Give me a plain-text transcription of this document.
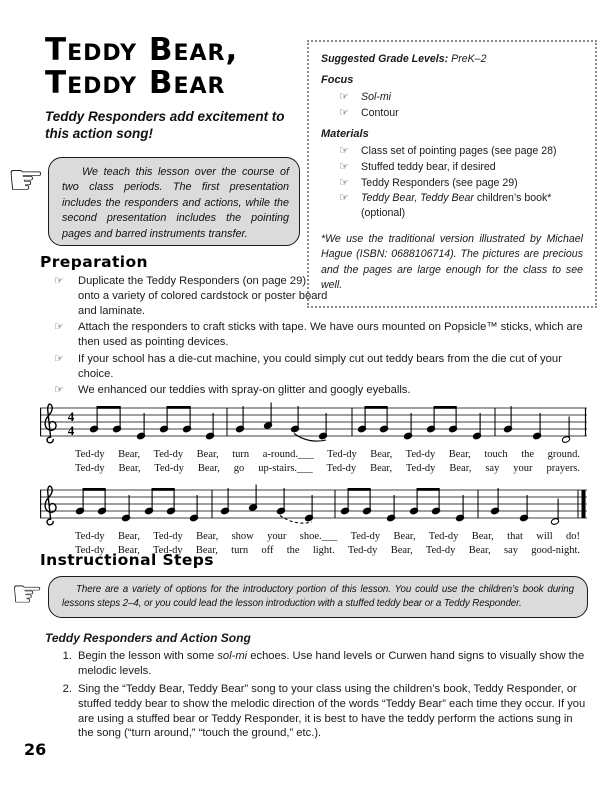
Teddy Bear,
Teddy Bear

Teddy Responders add excitement to this action song!

Suggested Grade Levels: PreK–2

Focus

☞ Sol-mi
☞ Contour

Materials

☞ Class set of pointing pages (see page 28)
☞ Stuffed teddy bear, if desired
☞ Teddy Responders (see page 29)
☞ Teddy Bear, Teddy Bear children’s book* (optional)

*We use the traditional version illustrated by Michael Hague (ISBN: 0688106714). The pictures are precious and the pages are large enough for the class to see well.

☞	We teach this lesson over the course of two class periods. The first presentation includes the responders and actions, while the second presentation includes the pointing pages and barred instruments transfer.

Preparation
☞ Duplicate the Teddy Responders (on page 29) onto a variety of colored cardstock or poster board and laminate.
☞ Attach the responders to craft sticks with tape. We have ours mounted on Popsicle™ sticks, which are then used as pointing devices.
☞ If your school has a die-cut machine, you could simply cut out teddy bears from the die cut of your choice.
☞ We enhanced our teddies with spray-on glitter and googly eyeballs.
4
4
Ted-dy Bear, Ted-dy Bear, turn a-round.___ Ted-dy Bear, Ted-dy Bear, touch the ground.
Ted-dy Bear, Ted-dy Bear, go up-stairs.___ Ted-dy Bear, Ted-dy Bear, say your prayers.
Ted-dy Bear, Ted-dy Bear, show your shoe.___ Ted-dy Bear, Ted-dy Bear, that will do!
Ted-dy Bear, Ted-dy Bear, turn off the light. Ted-dy Bear, Ted-dy Bear, say good-night.
Instructional Steps
☞	There are a variety of options for the introductory portion of this lesson. You could use the children’s book during lessons steps 2–4, or you could lead the lesson introduction with a stuffed teddy bear or a Teddy Responder.

Teddy Responders and Action Song
1. Begin the lesson with some sol-mi echoes. Use hand levels or Curwen hand signs to visually show the melodic levels.
2. Sing the “Teddy Bear, Teddy Bear” song to your class using the children’s book, Teddy Responder, or stuffed teddy bear to show the melodic direction of the words “Teddy Bear” each time they occur. If you are using a stuffed bear or Teddy Responder, it is best to have the teddy perform the actions sung in the song (“turn around,” “touch the ground,” etc.).
26
